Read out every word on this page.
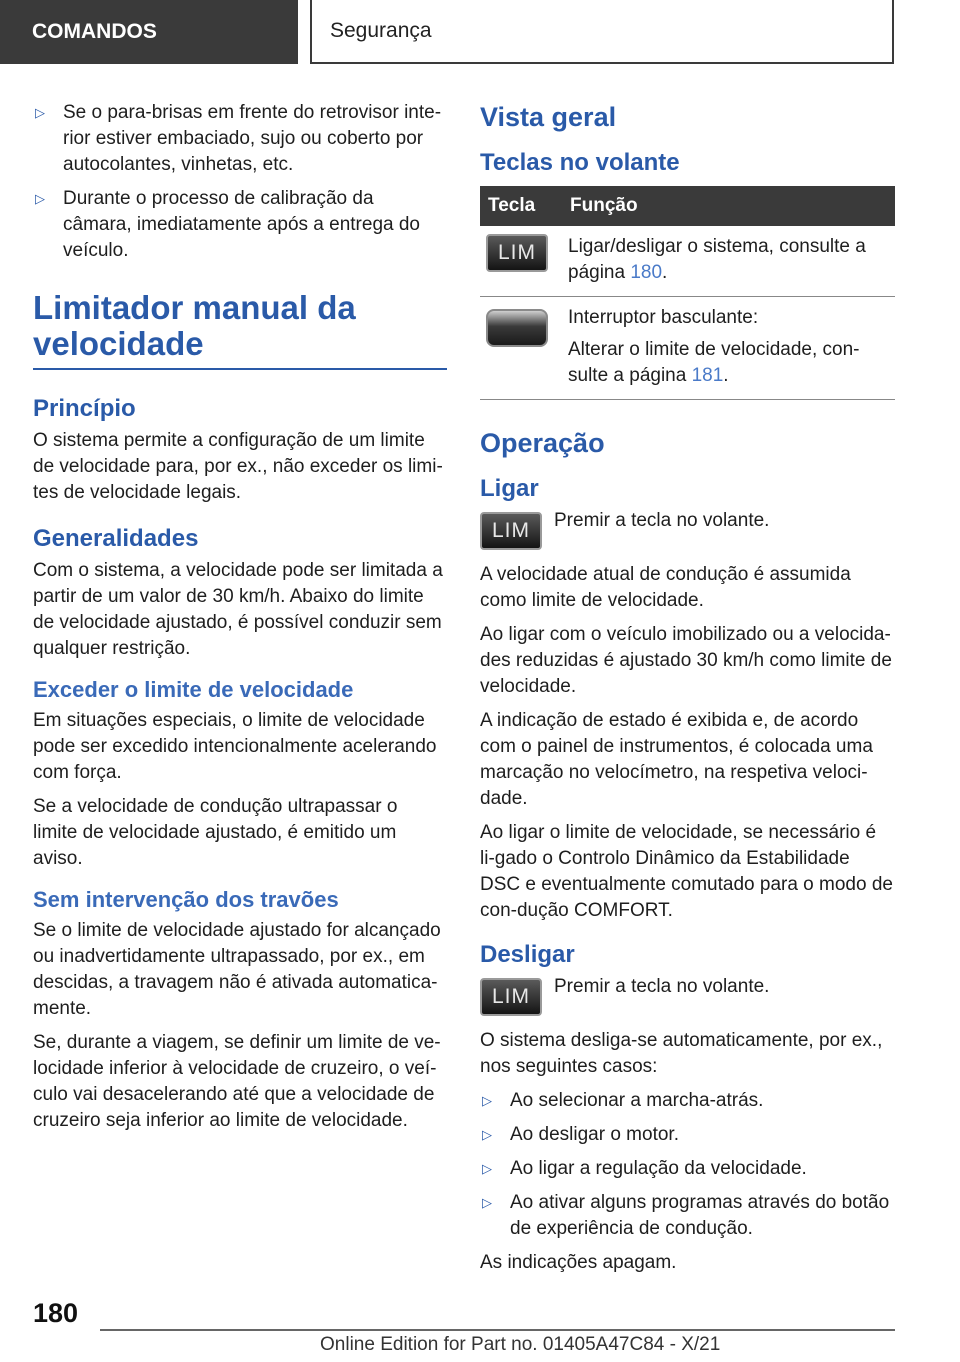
COMANDOS	Segurança
▷ Se o para-brisas em frente do retrovisor inte-rior estiver embaciado, sujo ou coberto por autocolantes, vinhetas, etc.
▷ Durante o processo de calibração da câmara, imediatamente após a entrega do veículo.
Limitador manual da velocidade
Princípio

O sistema permite a configuração de um limite de velocidade para, por ex., não exceder os limi-tes de velocidade legais.

Generalidades

Com o sistema, a velocidade pode ser limitada a partir de um valor de 30 km/h. Abaixo do limite de velocidade ajustado, é possível conduzir sem qualquer restrição.

Exceder o limite de velocidade

Em situações especiais, o limite de velocidade pode ser excedido intencionalmente acelerando com força.

Se a velocidade de condução ultrapassar o limite de velocidade ajustado, é emitido um aviso.

Sem intervenção dos travões

Se o limite de velocidade ajustado for alcançado ou inadvertidamente ultrapassado, por ex., em descidas, a travagem não é ativada automatica-mente.

Se, durante a viagem, se definir um limite de ve-locidade inferior à velocidade de cruzeiro, o veí-culo vai desacelerando até que a velocidade de cruzeiro seja inferior ao limite de velocidade.

Vista geral
Teclas no volante
Tecla	Função

LIM	Ligar/desligar o sistema, consulte a página 180.

	Interruptor basculante:
Alterar o limite de velocidade, con-sulte a página 181.
Operação
Ligar
LIM	Premir a tecla no volante.

A velocidade atual de condução é assumida como limite de velocidade.

Ao ligar com o veículo imobilizado ou a velocida-des reduzidas é ajustado 30 km/h como limite de velocidade.

A indicação de estado é exibida e, de acordo com o painel de instrumentos, é colocada uma marcação no velocímetro, na respetiva veloci-dade.

Ao ligar o limite de velocidade, se necessário é li-gado o Controlo Dinâmico da Estabilidade DSC e eventualmente comutado para o modo de con-dução COMFORT.

Desligar
LIM	Premir a tecla no volante.

O sistema desliga-se automaticamente, por ex., nos seguintes casos:

▷ Ao selecionar a marcha-atrás.
▷ Ao desligar o motor.
▷ Ao ligar a regulação da velocidade.
▷ Ao ativar alguns programas através do botão de experiência de condução.

As indicações apagam.

180
Online Edition for Part no. 01405A47C84 - X/21
